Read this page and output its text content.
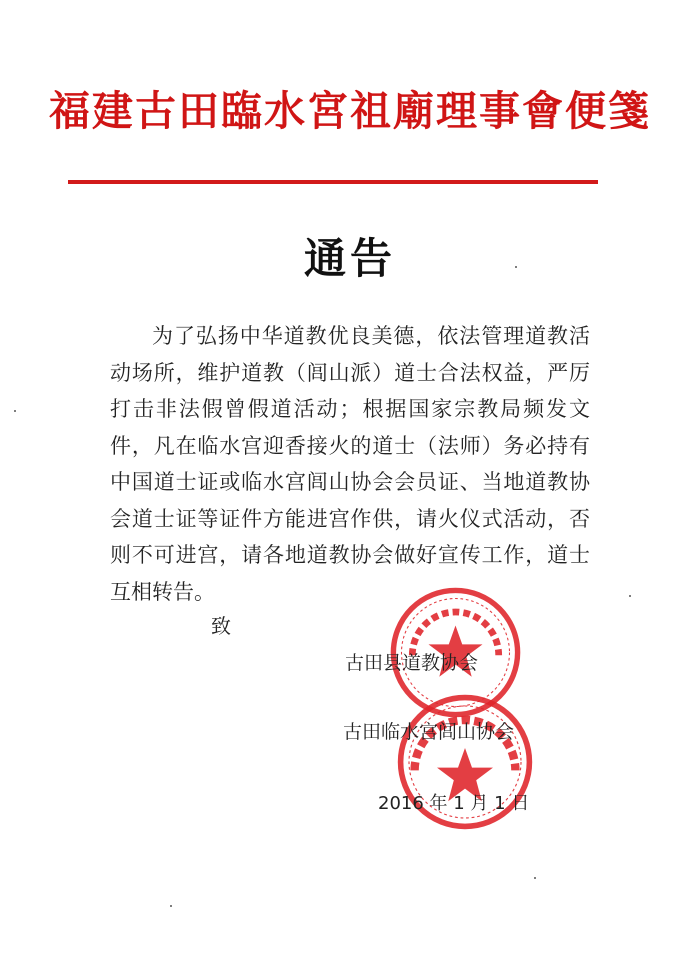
福建古田臨水宮祖廟理事會便箋
通告

为了弘扬中华道教优良美德，依法管理道教活动场所，维护道教（闾山派）道士合法权益，严厉打击非法假曾假道活动；根据国家宗教局频发文件，凡在临水宫迎香接火的道士（法师）务必持有中国道士证或临水宫闾山协会会员证、当地道教协会道士证等证件方能进宫作供，请火仪式活动，否则不可进宫，请各地道教协会做好宣传工作，道士互相转告。

致
古田县道教协会
古田临水宫闾山协会
2016 年 1 月 1 日
